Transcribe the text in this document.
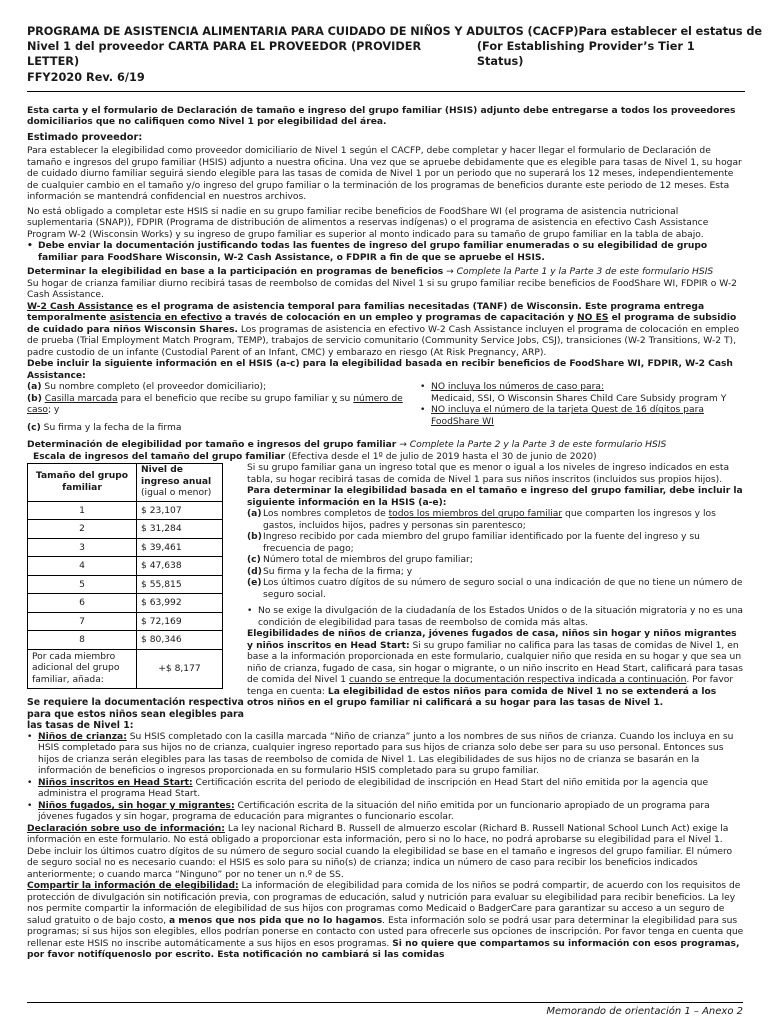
PROGRAMA DE ASISTENCIA ALIMENTARIA PARA CUIDADO DE NIÑOS Y ADULTOS (CACFP)Para establecer el estatus de
Nivel 1 del proveedor CARTA PARA EL PROVEEDOR (PROVIDER LETTER)
(For Establishing Provider’s Tier 1 Status)
FFY2020 Rev. 6/19

Esta carta y el formulario de Declaración de tamaño e ingreso del grupo familiar (HSIS) adjunto debe entregarse a todos los proveedores domiciliarios que no califiquen como Nivel 1 por elegibilidad del área.

Estimado proveedor:

Para establecer la elegibilidad como proveedor domiciliario de Nivel 1 según el CACFP, debe completar y hacer llegar el formulario de Declaración de tamaño e ingresos del grupo familiar (HSIS) adjunto a nuestra oficina. Una vez que se apruebe debidamente que es elegible para tasas de Nivel 1, su hogar de cuidado diurno familiar seguirá siendo elegible para las tasas de comida de Nivel 1 por un periodo que no superará los 12 meses, independientemente de cualquier cambio en el tamaño y/o ingreso del grupo familiar o la terminación de los programas de beneficios durante este periodo de 12 meses. Esta información se mantendrá confidencial en nuestros archivos.

No está obligado a completar este HSIS si nadie en su grupo familiar recibe beneficios de FoodShare WI (el programa de asistencia nutricional suplementaria (SNAP)), FDPIR (Programa de distribución de alimentos a reservas indígenas) o el programa de asistencia en efectivo Cash Assistance Program W-2 (Wisconsin Works) y su ingreso de grupo familiar es superior al monto indicado para su tamaño de grupo familiar en la tabla de abajo.

• Debe enviar la documentación justificando todas las fuentes de ingreso del grupo familiar enumeradas o su elegibilidad de grupo familiar para FoodShare Wisconsin, W-2 Cash Assistance, o FDPIR a fin de que se apruebe el HSIS.

Determinar la elegibilidad en base a la participación en programas de beneficios → Complete la Parte 1 y la Parte 3 de este formulario HSIS

Su hogar de crianza familiar diurno recibirá tasas de reembolso de comidas del Nivel 1 si su grupo familiar recibe beneficios de FoodShare WI, FDPIR o W-2 Cash Assistance.

W-2 Cash Assistance es el programa de asistencia temporal para familias necesitadas (TANF) de Wisconsin. Este programa entrega temporalmente asistencia en efectivo a través de colocación en un empleo y programas de capacitación y NO ES el programa de subsidio de cuidado para niños Wisconsin Shares. Los programas de asistencia en efectivo W-2 Cash Assistance incluyen el programa de colocación en empleo de prueba (Trial Employment Match Program, TEMP), trabajos de servicio comunitario (Community Service Jobs, CSJ), transiciones (W-2 Transitions, W-2 T), padre custodio de un infante (Custodial Parent of an Infant, CMC) y embarazo en riesgo (At Risk Pregnancy, ARP).

Debe incluir la siguiente información en el HSIS (a-c) para la elegibilidad basada en recibir beneficios de FoodShare WI, FDPIR, W-2 Cash Assistance:

(a) Su nombre completo (el proveedor domiciliario);

(b) Casilla marcada para el beneficio que recibe su grupo familiar y su número de caso; y

(c) Su firma y la fecha de la firma

• NO incluya los números de caso para:
Medicaid, SSI, O Wisconsin Shares Child Care Subsidy program Y
• NO incluya el número de la tarjeta Quest de 16 dígitos para FoodShare WI

Determinación de elegibilidad por tamaño e ingresos del grupo familiar → Complete la Parte 2 y la Parte 3 de este formulario HSIS

Escala de ingresos del tamaño del grupo familiar (Efectiva desde el 1º de julio de 2019 hasta el 30 de junio de 2020)

Tamaño del grupo familiar	Nivel de ingreso anual
(igual o menor)
1	$ 23,107
2	$ 31,284
3	$ 39,461
4	$ 47,638
5	$ 55,815
6	$ 63,992
7	$ 72,169
8	$ 80,346
Por cada miembro adicional del grupo familiar, añada:	+$ 8,177

Se requiere la documentación respectiva para que estos niños sean elegibles para las tasas de Nivel 1:

Si su grupo familiar gana un ingreso total que es menor o igual a los niveles de ingreso indicados en esta tabla, su hogar recibirá tasas de comida de Nivel 1 para sus niños inscritos (incluidos sus propios hijos).

Para determinar la elegibilidad basada en el tamaño e ingreso del grupo familiar, debe incluir la siguiente información en la HSIS (a-e):

(a) Los nombres completos de todos los miembros del grupo familiar que comparten los ingresos y los gastos, incluidos hijos, padres y personas sin parentesco;
(b) Ingreso recibido por cada miembro del grupo familiar identificado por la fuente del ingreso y su frecuencia de pago;
(c) Número total de miembros del grupo familiar;
(d) Su firma y la fecha de la firma; y
(e) Los últimos cuatro dígitos de su número de seguro social o una indicación de que no tiene un número de seguro social.
• No se exige la divulgación de la ciudadanía de los Estados Unidos o de la situación migratoria y no es una condición de elegibilidad para tasas de reembolso de comida más altas.

Elegibilidades de niños de crianza, jóvenes fugados de casa, niños sin hogar y niños migrantes y niños inscritos en Head Start: Si su grupo familiar no califica para las tasas de comidas de Nivel 1, en base a la información proporcionada en este formulario, cualquier niño que resida en su hogar y que sea un niño de crianza, fugado de casa, sin hogar o migrante, o un niño inscrito en Head Start, calificará para tasas de comida del Nivel 1 cuando se entregue la documentación respectiva indicada a continuación. Por favor tenga en cuenta: La elegibilidad de estos niños para comida de Nivel 1 no se extenderá a los otros niños en el grupo familiar ni calificará a su hogar para las tasas de Nivel 1.

• Niños de crianza: Su HSIS completado con la casilla marcada “Niño de crianza” junto a los nombres de sus niños de crianza. Cuando los incluya en su HSIS completado para sus hijos no de crianza, cualquier ingreso reportado para sus hijos de crianza solo debe ser para su uso personal. Entonces sus hijos de crianza serán elegibles para las tasas de reembolso de comida de Nivel 1. Las elegibilidades de sus hijos no de crianza se basarán en la información de beneficios o ingresos proporcionada en su formulario HSIS completado para su grupo familiar.
• Niños inscritos en Head Start: Certificación escrita del periodo de elegibilidad de inscripción en Head Start del niño emitida por la agencia que administra el programa Head Start.
• Niños fugados, sin hogar y migrantes: Certificación escrita de la situación del niño emitida por un funcionario apropiado de un programa para jóvenes fugados y sin hogar, programa de educación para migrantes o funcionario escolar.

Declaración sobre uso de información: La ley nacional Richard B. Russell de almuerzo escolar (Richard B. Russell National School Lunch Act) exige la información en este formulario. No está obligado a proporcionar esta información, pero si no lo hace, no podrá aprobarse su elegibilidad para el Nivel 1. Debe incluir los últimos cuatro dígitos de su número de seguro social cuando la elegibilidad se base en el tamaño e ingresos del grupo familiar. El número de seguro social no es necesario cuando: el HSIS es solo para su niño(s) de crianza; indica un número de caso para recibir los beneficios indicados anteriormente; o cuando marca “Ninguno” por no tener un n.º de SS.

Compartir la información de elegibilidad: La información de elegibilidad para comida de los niños se podrá compartir, de acuerdo con los requisitos de protección de divulgación sin notificación previa, con programas de educación, salud y nutrición para evaluar su elegibilidad para recibir beneficios. La ley nos permite compartir la información de elegibilidad de sus hijos con programas como Medicaid o BadgerCare para garantizar su acceso a un seguro de salud gratuito o de bajo costo, a menos que nos pida que no lo hagamos. Esta información solo se podrá usar para determinar la elegibilidad para sus programas; si sus hijos son elegibles, ellos podrían ponerse en contacto con usted para ofrecerle sus opciones de inscripción. Por favor tenga en cuenta que rellenar este HSIS no inscribe automáticamente a sus hijos en esos programas. Si no quiere que compartamos su información con esos programas, por favor notifíquenoslo por escrito. Esta notificación no cambiará si las comidas

Memorando de orientación 1 – Anexo 2
